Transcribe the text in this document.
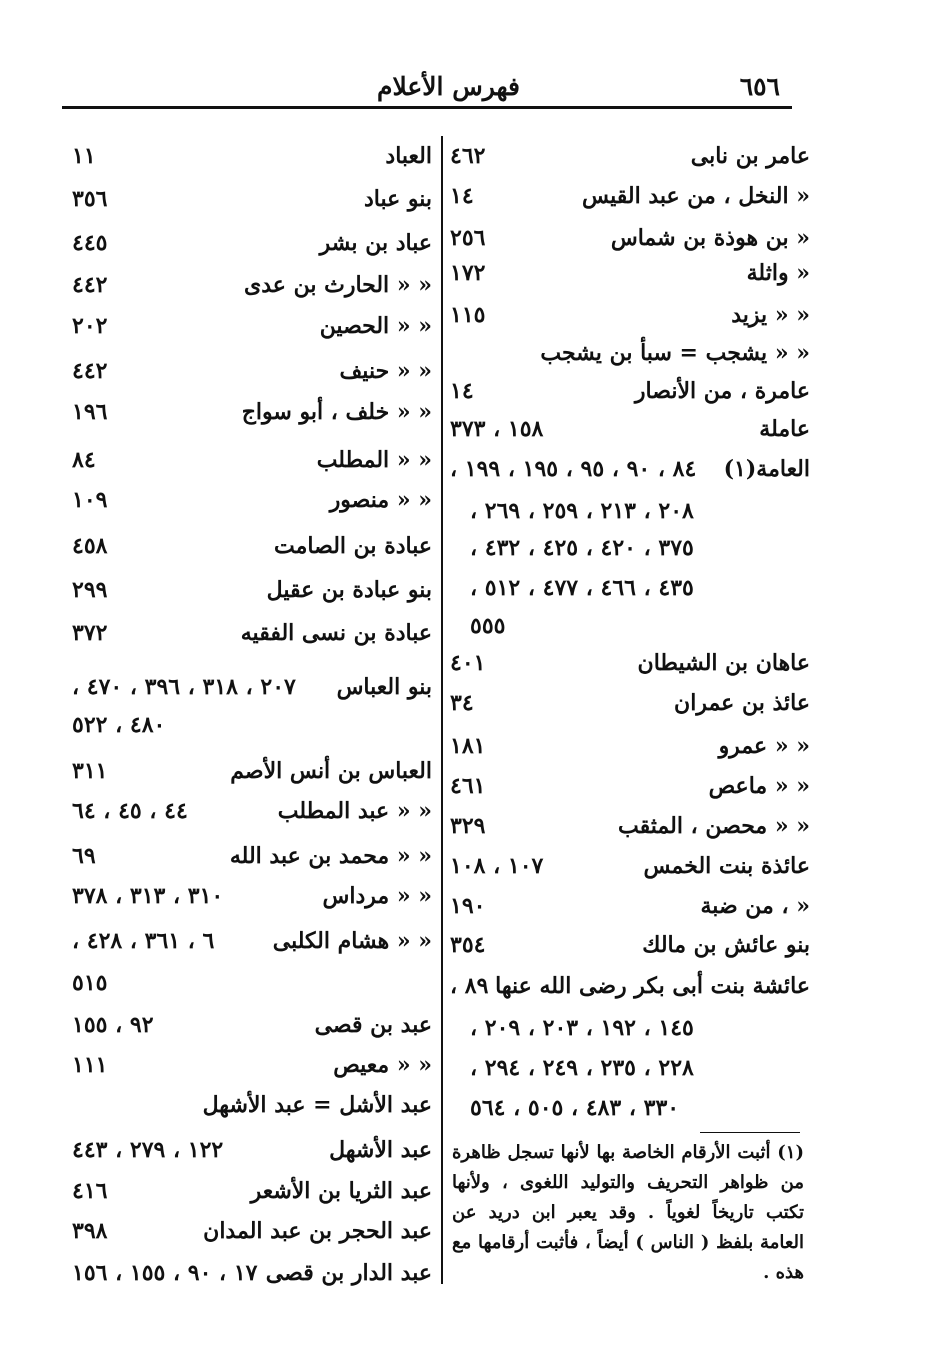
فهرس الأعلام	٦٥٦
عامر بن نابى
٤٦٢
« النخل ، من عبد القيس
١٤
« بن هوذة بن شماس
٢٥٦
« واثلة
١٧٢
« « يزيد
١١٥
« « يشجب = سبأ بن يشجب
عامرة ، من الأنصار
١٤
عاملة
١٥٨ ، ٣٧٣
العامة(١)
٨٤ ، ٩٠ ، ٩٥ ، ١٩٥ ، ١٩٩ ،
٢٠٨ ، ٢١٣ ، ٢٥٩ ، ٢٦٩ ،
٣٧٥ ، ٤٢٠ ، ٤٢٥ ، ٤٣٢ ،
٤٣٥ ، ٤٦٦ ، ٤٧٧ ، ٥١٢ ،
٥٥٥
عاهان بن الشيطان
٤٠١
عائذ بن عمران
٣٤
« « عمرو
١٨١
« « ماعص
٤٦١
« « محصن ، المثقب
٣٢٩
عائذة بنت الخمس
١٠٧ ، ١٠٨
« ، من ضبة
١٩٠
بنو عائش بن مالك
٣٥٤
عائشة بنت أبى بكر رضى الله عنها
٨٩ ،
١٤٥ ، ١٩٢ ، ٢٠٣ ، ٢٠٩ ،
٢٢٨ ، ٢٣٥ ، ٢٤٩ ، ٢٩٤ ،
٣٣٠ ، ٤٨٣ ، ٥٠٥ ، ٥٦٤
العباد
١١
بنو عباد
٣٥٦
عباد بن بشر
٤٤٥
« « الحارث بن عدى
٤٤٢
« « الحصين
٢٠٢
« « حنيف
٤٤٢
« « خلف ، أبو سواج
١٩٦
« « المطلب
٨٤
« « منصور
١٠٩
عبادة بن الصامت
٤٥٨
بنو عبادة بن عقيل
٢٩٩
عبادة بن نسى الفقيه
٣٧٢
بنو العباس
٢٠٧ ، ٣١٨ ، ٣٩٦ ، ٤٧٠ ،
٤٨٠ ، ٥٢٢
العباس بن أنس الأصم
٣١١
« « عبد المطلب
٤٤ ، ٤٥ ، ٦٤
« « محمد بن عبد الله
٦٩
« « مرداس
٣١٠ ، ٣١٣ ، ٣٧٨
« « هشام الكلبى
٦ ، ٣٦١ ، ٤٢٨ ،
٥١٥
عبد بن قصى
٩٢ ، ١٥٥
« « معيص
١١١
عبد الأشل = عبد الأشهل
عبد الأشهل
١٢٢ ، ٢٧٩ ، ٤٤٣
عبد الثريا بن الأشعر
٤١٦
عبد الحجر بن عبد المدان
٣٩٨
عبد الدار بن قصى
١٧ ، ٩٠ ، ١٥٥ ، ١٥٦
(١) أثبت الأرقام الخاصة بها لأنها تسجل ظاهرة من ظواهر التحريف والتوليد اللغوى ، ولأنها تكتب تاريخاً لغوياً . وقد يعبر ابن دريد عن العامة بلفظ ( الناس ) أيضاً ، فأثبت أرقامها مع هذه .
